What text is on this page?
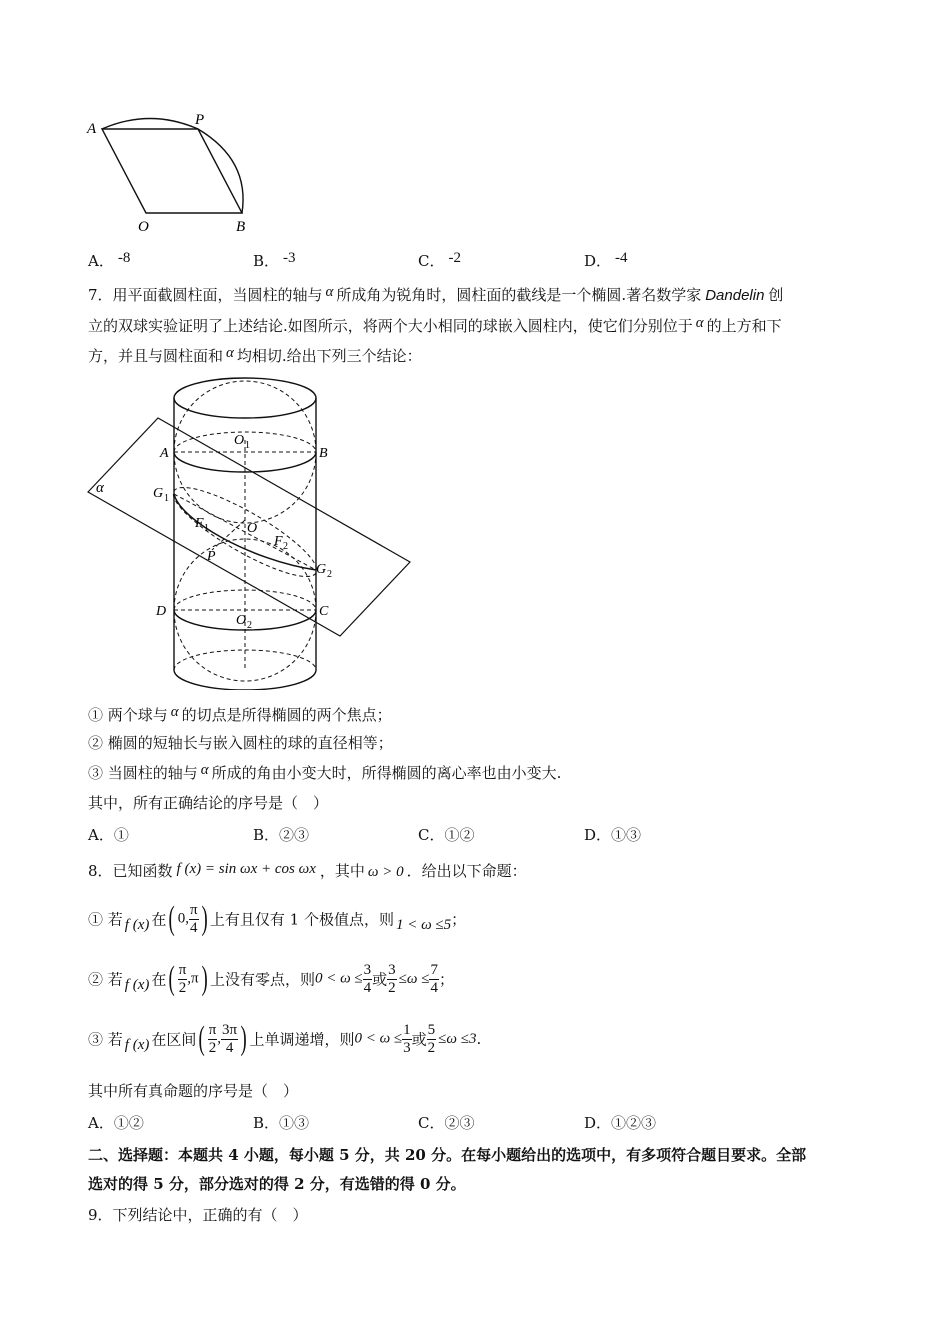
A
P
O	B
A． -8	B． -3	C． -2	D． -4
7．用平面截圆柱面，当圆柱的轴与 α 所成角为锐角时，圆柱面的截线是一个椭圆.著名数学家 Dandelin 创
立的双球实验证明了上述结论.如图所示，将两个大小相同的球嵌入圆柱内，使它们分别位于 α 的上方和下
方，并且与圆柱面和 α 均相切.给出下列三个结论：
O 1
A	B
α	G 1
F 1	O
F 2
P
G 2
D	C
O 2
① 两个球与 α 的切点是所得椭圆的两个焦点；
② 椭圆的短轴长与嵌入圆柱的球的直径相等；
③ 当圆柱的轴与 α 所成的角由小变大时，所得椭圆的离心率也由小变大.
其中，所有正确结论的序号是（　）
A．①	B．②③	C．①②	D．①③
8．已知函数 f (x) = sin ωx + cos ωx ，其中 ω > 0 ．给出以下命题：
① 若 f (x) 在( 0, $\frac{\pi}{4}$ ) 上有且仅有 1 个极值点，则 1 < ω ≤5；
② 若 f (x) 在( $\frac{\pi}{2} ,\pi$) 上没有零点，则$0 < \omega \le \frac{3}{4}$ 或 $\frac{3}{2} \le\omega \le \frac{7}{4}$ ；
③ 若 f (x) 在区间( $\frac{\pi}{2}$ , $\frac{3\pi}{4}$ ) 上单调递增，则$0 < \omega \le \frac{1}{3}$ 或 $\frac{5}{2} \le\omega \le 3$.
其中所有真命题的序号是（　）
A．①②	B．①③	C．②③	D．①②③
二、选择题：本题共 4 小题，每小题 5 分，共 20 分。在每小题给出的选项中，有多项符合题目要求。全部
选对的得 5 分，部分选对的得 2 分，有选错的得 0 分。
9．下列结论中，正确的有（　）
